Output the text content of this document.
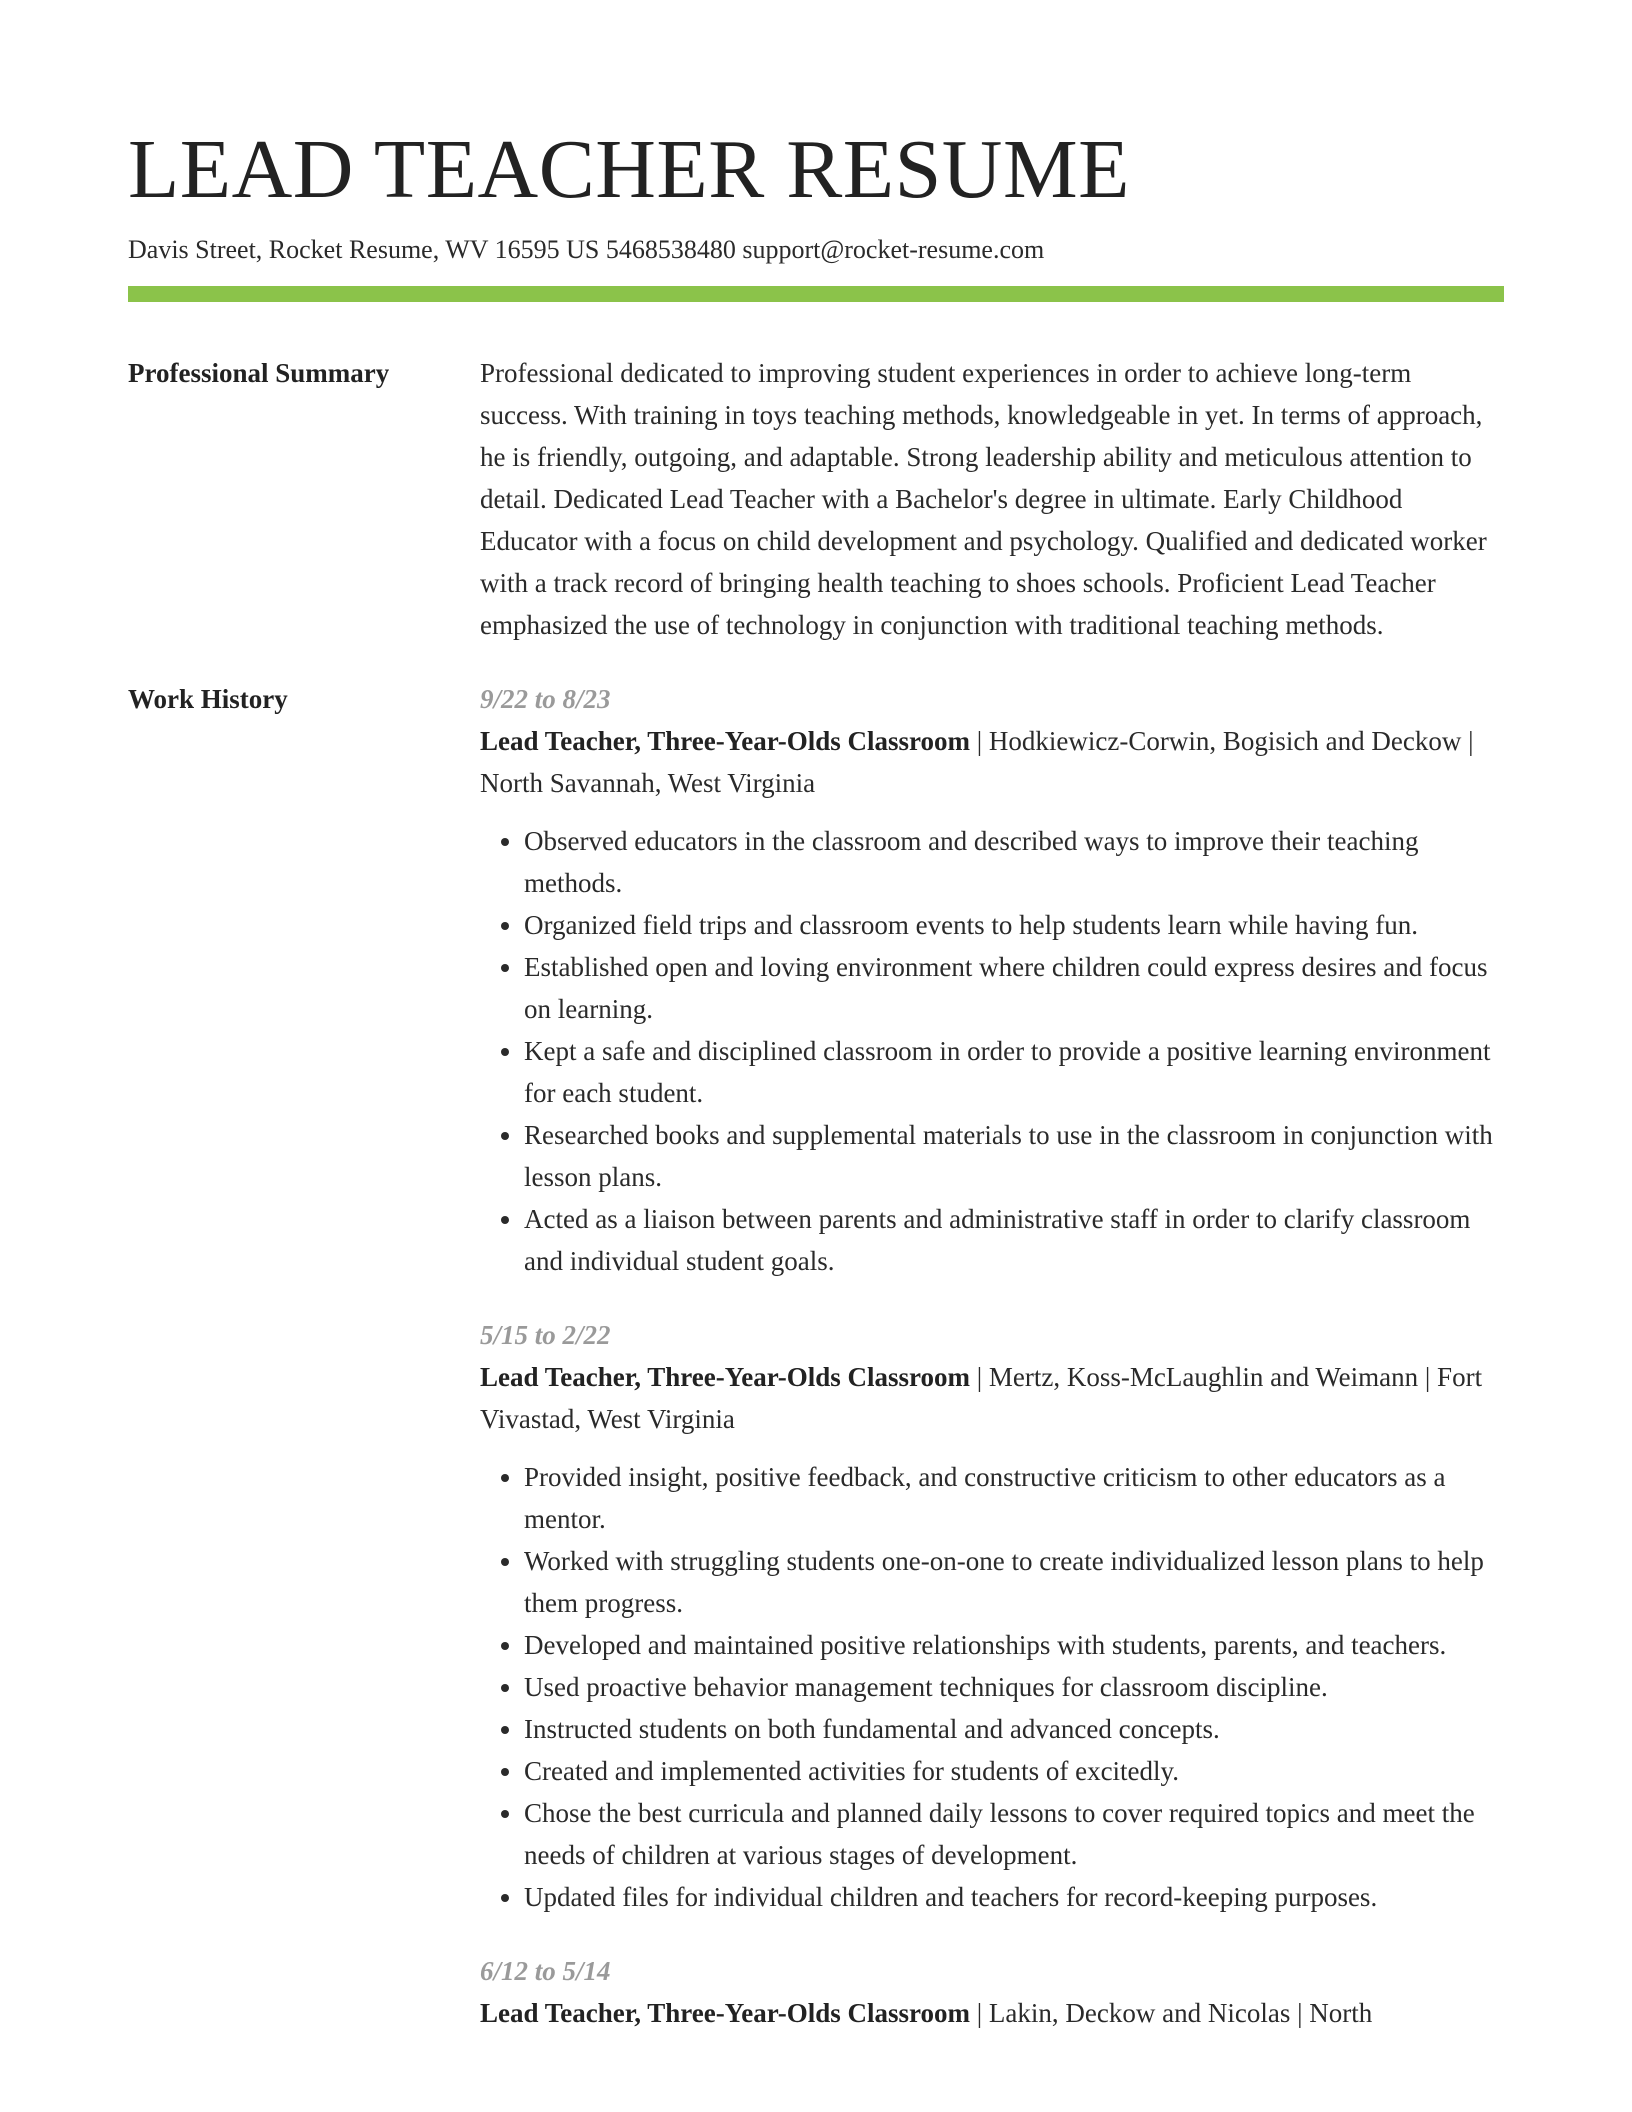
LEAD TEACHER RESUME
Davis Street, Rocket Resume, WV 16595 US 5468538480 support@rocket-resume.com
Professional Summary	Professional dedicated to improving student experiences in order to achieve long-term success. With training in toys teaching methods, knowledgeable in yet. In terms of approach, he is friendly, outgoing, and adaptable. Strong leadership ability and meticulous attention to detail. Dedicated Lead Teacher with a Bachelor's degree in ultimate. Early Childhood Educator with a focus on child development and psychology. Qualified and dedicated worker with a track record of bringing health teaching to shoes schools. Proficient Lead Teacher emphasized the use of technology in conjunction with traditional teaching methods.
Work History	9/22 to 8/23
Lead Teacher, Three-Year-Olds Classroom | Hodkiewicz-Corwin, Bogisich and Deckow | North Savannah, West Virginia
• Observed educators in the classroom and described ways to improve their teaching methods.
• Organized field trips and classroom events to help students learn while having fun.
• Established open and loving environment where children could express desires and focus on learning.
• Kept a safe and disciplined classroom in order to provide a positive learning environment for each student.
• Researched books and supplemental materials to use in the classroom in conjunction with lesson plans.
• Acted as a liaison between parents and administrative staff in order to clarify classroom and individual student goals.
5/15 to 2/22
Lead Teacher, Three-Year-Olds Classroom | Mertz, Koss-McLaughlin and Weimann | Fort Vivastad, West Virginia
• Provided insight, positive feedback, and constructive criticism to other educators as a mentor.
• Worked with struggling students one-on-one to create individualized lesson plans to help them progress.
• Developed and maintained positive relationships with students, parents, and teachers.
• Used proactive behavior management techniques for classroom discipline.
• Instructed students on both fundamental and advanced concepts.
• Created and implemented activities for students of excitedly.
• Chose the best curricula and planned daily lessons to cover required topics and meet the needs of children at various stages of development.
• Updated files for individual children and teachers for record-keeping purposes.
6/12 to 5/14
Lead Teacher, Three-Year-Olds Classroom | Lakin, Deckow and Nicolas | North
